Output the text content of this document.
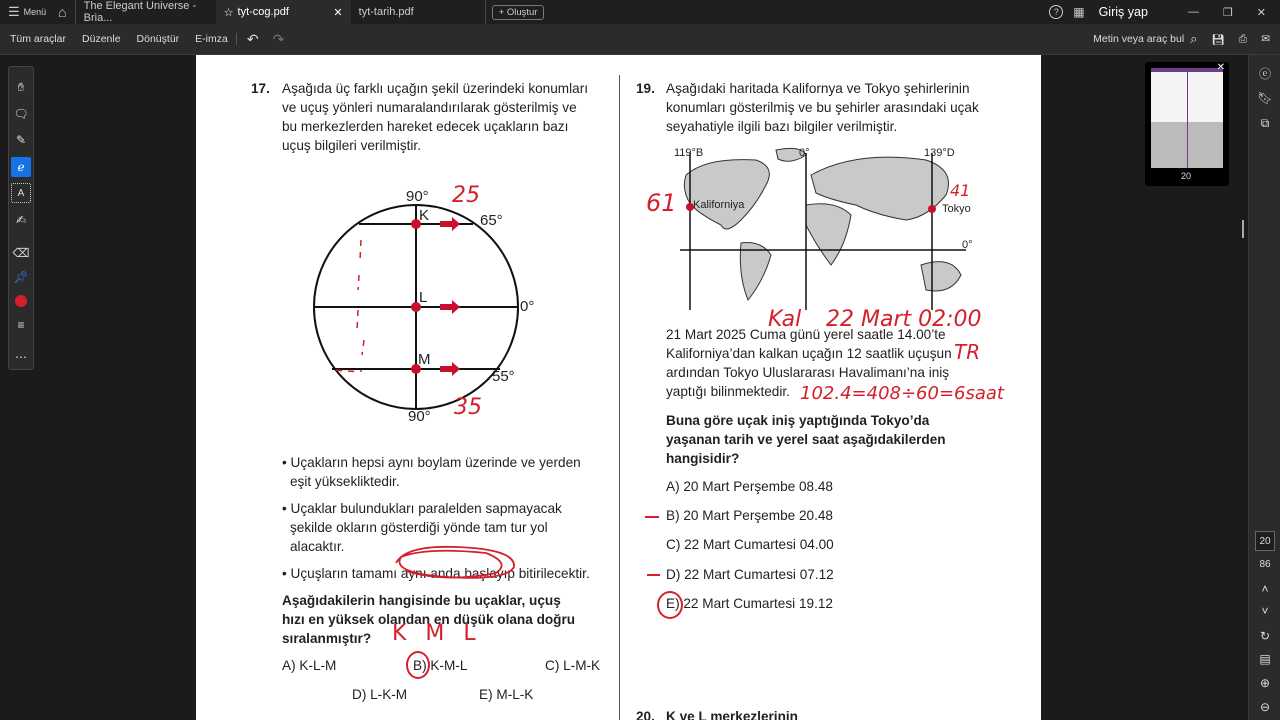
☰ Menü ⌂ The Elegant Universe - Bria...	☆ tyt-cog.pdf	✕ tyt-tarih.pdf	+ Oluştur	?	▦ Giriş yap	— ❐ ✕
Tüm araçlar	Düzenle	Dönüştür	E-imza	↶ ↷	Metin veya araç bul ⌕ 💾︎ ⎙ ✉
✋︎
🗨︎
✎
ℯ
A
✍︎
⌫
📌︎
≡
⋯
17. Aşağıda üç farklı uçağın şekil üzerindeki konumları
ve uçuş yönleri numaralandırılarak gösterilmiş ve
bu merkezlerden hareket edecek uçakların bazı
uçuş bilgileri verilmiştir.
90°
K	65°
L
0°
M
55°
90°
25
35
• Uçakların hepsi aynı boylam üzerinde ve yerden
eşit yüksekliktedir.
• Uçaklar bulundukları paralelden sapmayacak
şekilde okların gösterdiği yönde tam tur yol
alacaktır.
• Uçuşların tamamı aynı anda başlayıp bitirilecektir.
Aşağıdakilerin hangisinde bu uçaklar, uçuş
hızı en yüksek olandan en düşük olana doğru
sıralanmıştır? K M L
A) K-L-M	B) K-M-L	C) L-M-K
D) L-K-M	E) M-L-K
19. Aşağıdaki haritada Kalifornya ve Tokyo şehirlerinin
konumları gösterilmiş ve bu şehirler arasındaki uçak
seyahatiyle ilgili bazı bilgiler verilmiştir.
119°B	0°	139°D
Kaliforniya	Tokyo
0°
61	41
Kal 22 Mart 02:00
TR
102.4=408÷60=6saat
21 Mart 2025 Cuma günü yerel saatle 14.00’te
Kaliforniya’dan kalkan uçağın 12 saatlik uçuşun
ardından Tokyo Uluslararası Havalimanı’na iniş
yaptığı bilinmektedir.
Buna göre uçak iniş yaptığında Tokyo’da
yaşanan tarih ve yerel saat aşağıdakilerden
hangisidir?
A) 20 Mart Perşembe 08.48
B) 20 Mart Perşembe 20.48
C) 22 Mart Cumartesi 04.00
D) 22 Mart Cumartesi 07.12
E) 22 Mart Cumartesi 19.12
20. K ve L merkezlerinin
✕
20
ⓔ
🔖︎
⧉
20
86
˄
˅
↻
▤
⊕
⊖
